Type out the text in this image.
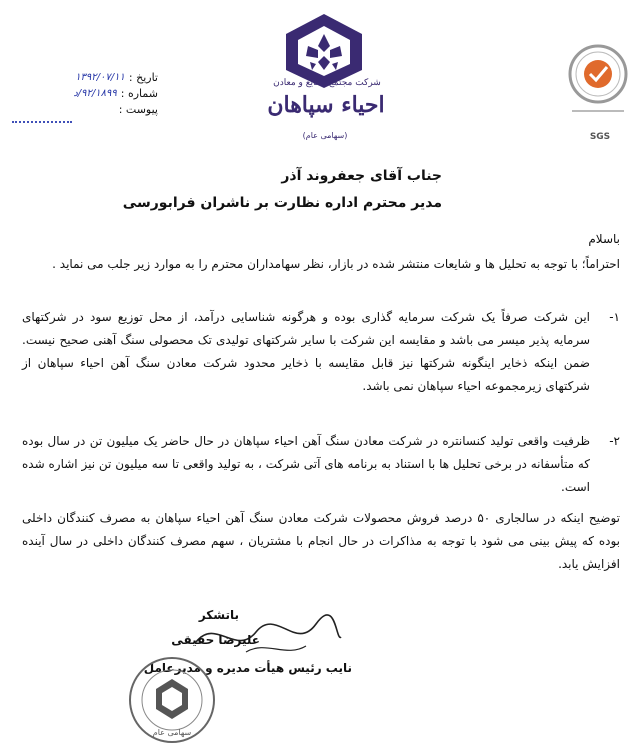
تاریخ :
۱۳۹۲/۰۷/۱۱
شماره :
۹۲/۱۸۹۹/د
پیوست :
شرکت مجتمع صنایع و معادن
احیاء سپاهان
(سهامی عام)	SGS
جناب آقای جعفروند آذر
مدیر محترم اداره نظارت بر ناشران فرابورسی
باسلام
احتراماً؛ با توجه به تحلیل ها و شایعات منتشر شده در بازار، نظر سهامداران محترم را به موارد زیر جلب می نماید .
۱-
این شرکت صرفاً یک شرکت سرمایه گذاری بوده و هرگونه شناسایی درآمد، از محل توزیع سود در شرکتهای سرمایه پذیر میسر می باشد و مقایسه این شرکت با سایر شرکتهای تولیدی تک محصولی سنگ آهنی صحیح نیست. ضمن اینکه ذخایر اینگونه شرکتها نیز قابل مقایسه با ذخایر محدود شرکت معادن سنگ آهن احیاء سپاهان از شرکتهای زیرمجموعه احیاء سپاهان نمی باشد.
۲-
ظرفیت واقعی تولید کنسانتره در شرکت معادن سنگ آهن احیاء سپاهان در حال حاضر یک میلیون تن در سال بوده که متأسفانه در برخی تحلیل ها با استناد به برنامه های آتی شرکت ، به تولید واقعی تا سه میلیون تن نیز اشاره شده است.
توضیح اینکه در سالجاری ۵۰ درصد فروش محصولات شرکت معادن سنگ آهن احیاء سپاهان به مصرف کنندگان داخلی بوده که پیش بینی می شود با توجه به مذاکرات در حال انجام با مشتریان ، سهم مصرف کنندگان داخلی در سال آینده افزایش یابد.
باتشکر
علیرضا حقیقی
نایب رئیس هیأت مدیره و مدیرعامل
سهامی عام
